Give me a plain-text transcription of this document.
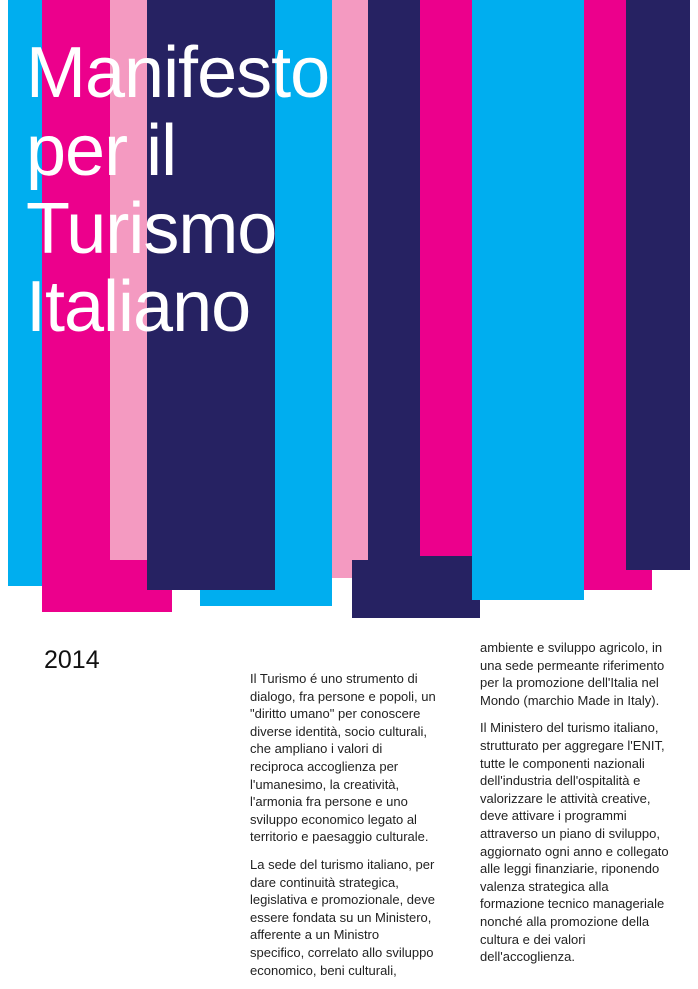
Manifesto
per il
Turismo
Italiano
2014

Il Turismo é uno strumento di
dialogo, fra persone e popoli, un
"diritto umano" per conoscere
diverse identità, socio culturali,
che ampliano i valori di
reciproca accoglienza per
l'umanesimo, la creatività,
l'armonia fra persone e uno
sviluppo economico legato al
territorio e paesaggio culturale.

La sede del turismo italiano, per
dare continuità strategica,
legislativa e promozionale, deve
essere fondata su un Ministero,
afferente a un Ministro
specifico, correlato allo sviluppo
economico, beni culturali,

ambiente e sviluppo agricolo, in
una sede permeante riferimento
per la promozione dell'Italia nel
Mondo (marchio Made in Italy).

Il Ministero del turismo italiano,
strutturato per aggregare l'ENIT,
tutte le componenti nazionali
dell'industria dell'ospitalità e
valorizzare le attività creative,
deve attivare i programmi
attraverso un piano di sviluppo,
aggiornato ogni anno e collegato
alle leggi finanziarie, riponendo
valenza strategica alla
formazione tecnico manageriale
nonché alla promozione della
cultura e dei valori
dell'accoglienza.
